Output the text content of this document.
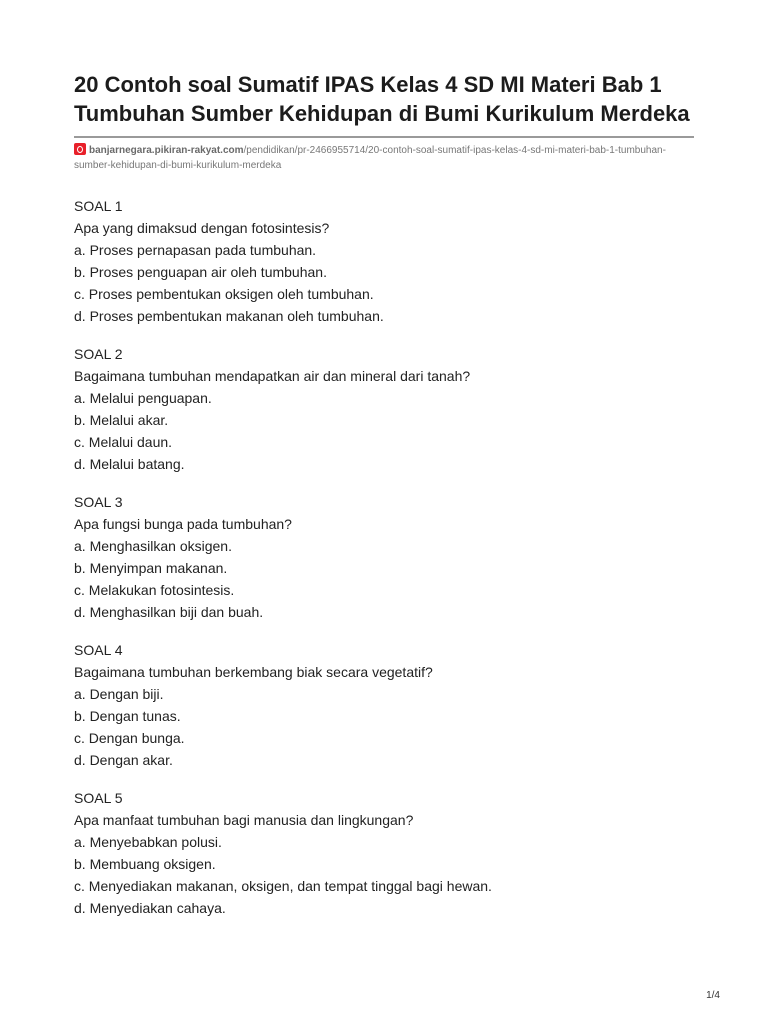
20 Contoh soal Sumatif IPAS Kelas 4 SD MI Materi Bab 1 Tumbuhan Sumber Kehidupan di Bumi Kurikulum Merdeka
banjarnegara.pikiran-rakyat.com/pendidikan/pr-2466955714/20-contoh-soal-sumatif-ipas-kelas-4-sd-mi-materi-bab-1-tumbuhan-sumber-kehidupan-di-bumi-kurikulum-merdeka

SOAL 1

Apa yang dimaksud dengan fotosintesis?

a. Proses pernapasan pada tumbuhan.

b. Proses penguapan air oleh tumbuhan.

c. Proses pembentukan oksigen oleh tumbuhan.

d. Proses pembentukan makanan oleh tumbuhan.

SOAL 2

Bagaimana tumbuhan mendapatkan air dan mineral dari tanah?

a. Melalui penguapan.

b. Melalui akar.

c. Melalui daun.

d. Melalui batang.

SOAL 3

Apa fungsi bunga pada tumbuhan?

a. Menghasilkan oksigen.

b. Menyimpan makanan.

c. Melakukan fotosintesis.

d. Menghasilkan biji dan buah.

SOAL 4

Bagaimana tumbuhan berkembang biak secara vegetatif?

a. Dengan biji.

b. Dengan tunas.

c. Dengan bunga.

d. Dengan akar.

SOAL 5

Apa manfaat tumbuhan bagi manusia dan lingkungan?

a. Menyebabkan polusi.

b. Membuang oksigen.

c. Menyediakan makanan, oksigen, dan tempat tinggal bagi hewan.

d. Menyediakan cahaya.

1/4
